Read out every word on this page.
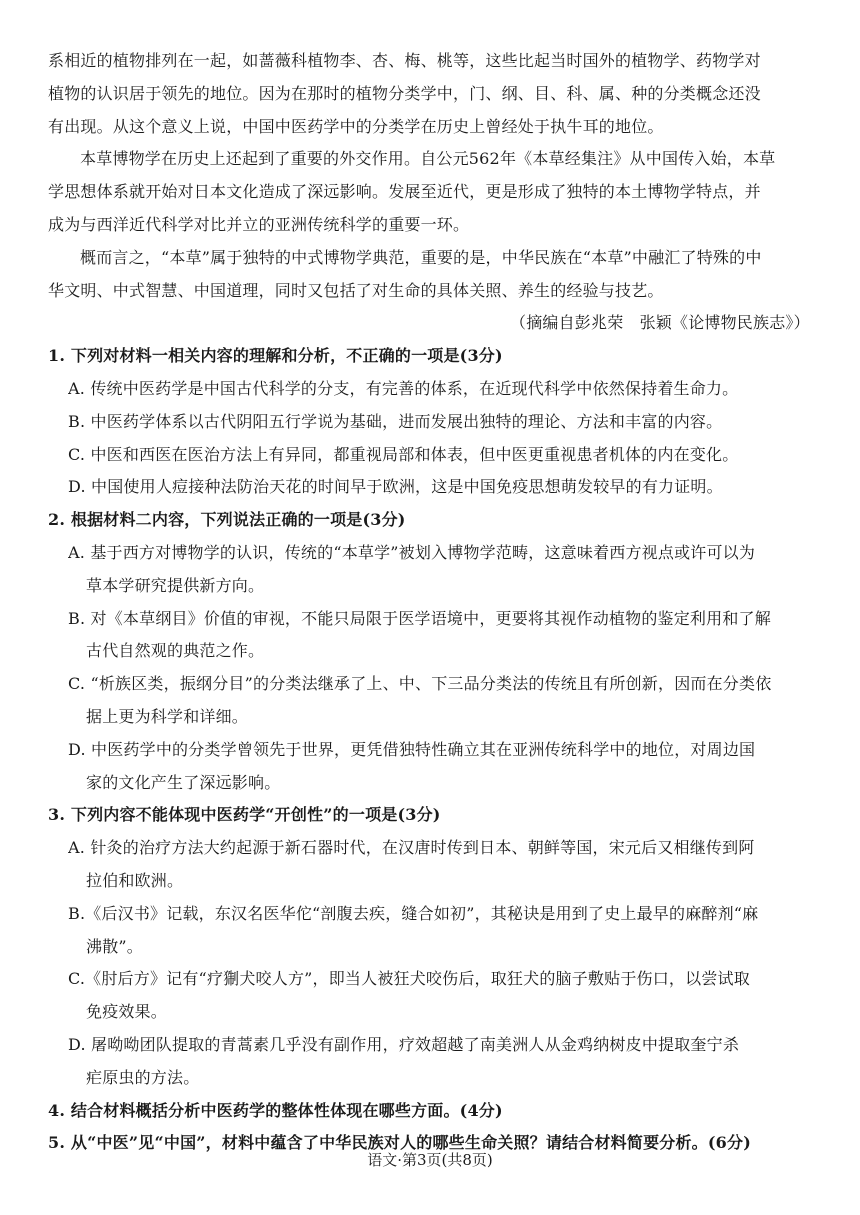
系相近的植物排列在一起，如蔷薇科植物李、杏、梅、桃等，这些比起当时国外的植物学、药物学对
植物的认识居于领先的地位。因为在那时的植物分类学中，门、纲、目、科、属、种的分类概念还没
有出现。从这个意义上说，中国中医药学中的分类学在历史上曾经处于执牛耳的地位。
本草博物学在历史上还起到了重要的外交作用。自公元562年《本草经集注》从中国传入始，本草
学思想体系就开始对日本文化造成了深远影响。发展至近代，更是形成了独特的本土博物学特点，并
成为与西洋近代科学对比并立的亚洲传统科学的重要一环。
概而言之，“本草”属于独特的中式博物学典范，重要的是，中华民族在“本草”中融汇了特殊的中
华文明、中式智慧、中国道理，同时又包括了对生命的具体关照、养生的经验与技艺。
（摘编自彭兆荣　张颖《论博物民族志》）
1. 下列对材料一相关内容的理解和分析，不正确的一项是(3分)
A. 传统中医药学是中国古代科学的分支，有完善的体系，在近现代科学中依然保持着生命力。
B. 中医药学体系以古代阴阳五行学说为基础，进而发展出独特的理论、方法和丰富的内容。
C. 中医和西医在医治方法上有异同，都重视局部和体表，但中医更重视患者机体的内在变化。
D. 中国使用人痘接种法防治天花的时间早于欧洲，这是中国免疫思想萌发较早的有力证明。
2. 根据材料二内容，下列说法正确的一项是(3分)
A. 基于西方对博物学的认识，传统的“本草学”被划入博物学范畴，这意味着西方视点或许可以为
草本学研究提供新方向。
B. 对《本草纲目》价值的审视，不能只局限于医学语境中，更要将其视作动植物的鉴定利用和了解
古代自然观的典范之作。
C. “析族区类，振纲分目”的分类法继承了上、中、下三品分类法的传统且有所创新，因而在分类依
据上更为科学和详细。
D. 中医药学中的分类学曾领先于世界，更凭借独特性确立其在亚洲传统科学中的地位，对周边国
家的文化产生了深远影响。
3. 下列内容不能体现中医药学“开创性”的一项是(3分)
A. 针灸的治疗方法大约起源于新石器时代，在汉唐时传到日本、朝鲜等国，宋元后又相继传到阿
拉伯和欧洲。
B.《后汉书》记载，东汉名医华佗“剖腹去疾，缝合如初”，其秘诀是用到了史上最早的麻醉剂“麻
沸散”。
C.《肘后方》记有“疗猘犬咬人方”，即当人被狂犬咬伤后，取狂犬的脑子敷贴于伤口，以尝试取
免疫效果。
D. 屠呦呦团队提取的青蒿素几乎没有副作用，疗效超越了南美洲人从金鸡纳树皮中提取奎宁杀
疟原虫的方法。
语文·第3页(共8页)
4. 结合材料概括分析中医药学的整体性体现在哪些方面。(4分)
5. 从“中医”见“中国”，材料中蕴含了中华民族对人的哪些生命关照？请结合材料简要分析。(6分)
